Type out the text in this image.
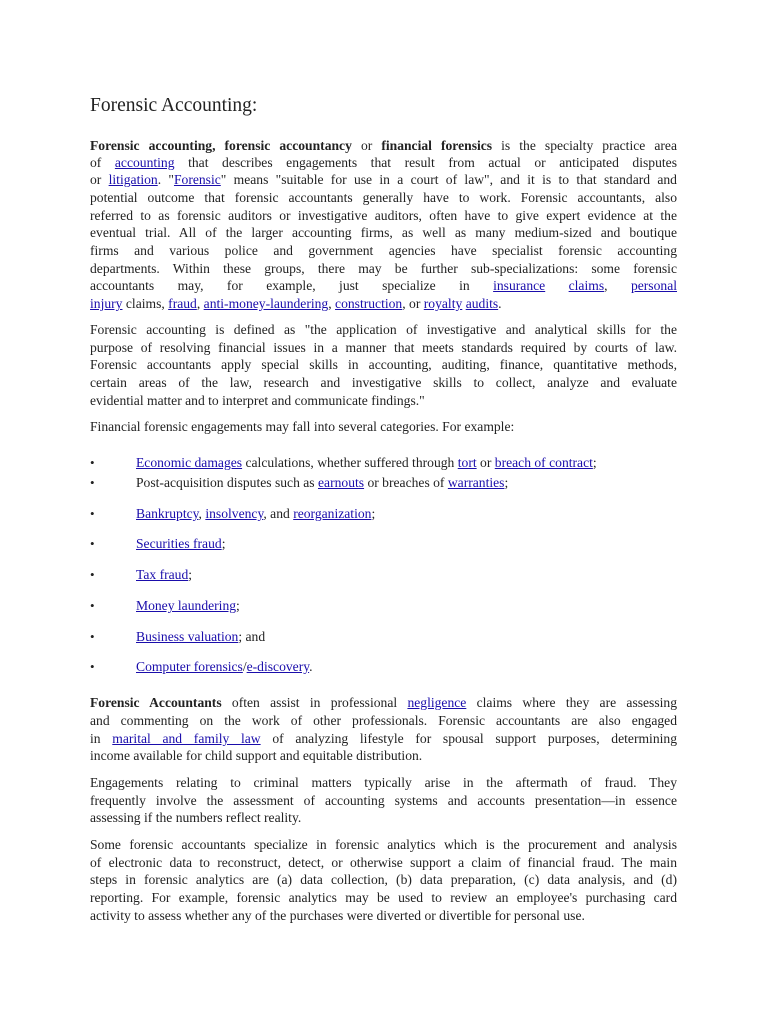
Forensic Accounting:

Forensic accounting, forensic accountancy or financial forensics is the specialty practice area

of accounting that describes engagements that result from actual or anticipated disputes

or litigation. "Forensic" means "suitable for use in a court of law", and it is to that standard and

potential outcome that forensic accountants generally have to work. Forensic accountants, also

referred to as forensic auditors or investigative auditors, often have to give expert evidence at the

eventual trial. All of the larger accounting firms, as well as many medium-sized and boutique

firms and various police and government agencies have specialist forensic accounting

departments. Within these groups, there may be further sub-specializations: some forensic

accountants may, for example, just specialize in insurance claims, personal

injury claims, fraud, anti-money-laundering, construction, or royalty audits.

Forensic accounting is defined as "the application of investigative and analytical skills for the

purpose of resolving financial issues in a manner that meets standards required by courts of law.

Forensic accountants apply special skills in accounting, auditing, finance, quantitative methods,

certain areas of the law, research and investigative skills to collect, analyze and evaluate

evidential matter and to interpret and communicate findings."

Financial forensic engagements may fall into several categories. For example:

•	Economic damages calculations, whether suffered through tort or breach of contract;
•	Post-acquisition disputes such as earnouts or breaches of warranties;
•	Bankruptcy, insolvency, and reorganization;
•	Securities fraud;
•	Tax fraud;
•	Money laundering;
•	Business valuation; and
•	Computer forensics/e-discovery.

Forensic Accountants often assist in professional negligence claims where they are assessing

and commenting on the work of other professionals. Forensic accountants are also engaged

in marital and family law of analyzing lifestyle for spousal support purposes, determining

income available for child support and equitable distribution.

Engagements relating to criminal matters typically arise in the aftermath of fraud. They

frequently involve the assessment of accounting systems and accounts presentation—in essence

assessing if the numbers reflect reality.

Some forensic accountants specialize in forensic analytics which is the procurement and analysis

of electronic data to reconstruct, detect, or otherwise support a claim of financial fraud. The main

steps in forensic analytics are (a) data collection, (b) data preparation, (c) data analysis, and (d)

reporting. For example, forensic analytics may be used to review an employee's purchasing card

activity to assess whether any of the purchases were diverted or divertible for personal use.
